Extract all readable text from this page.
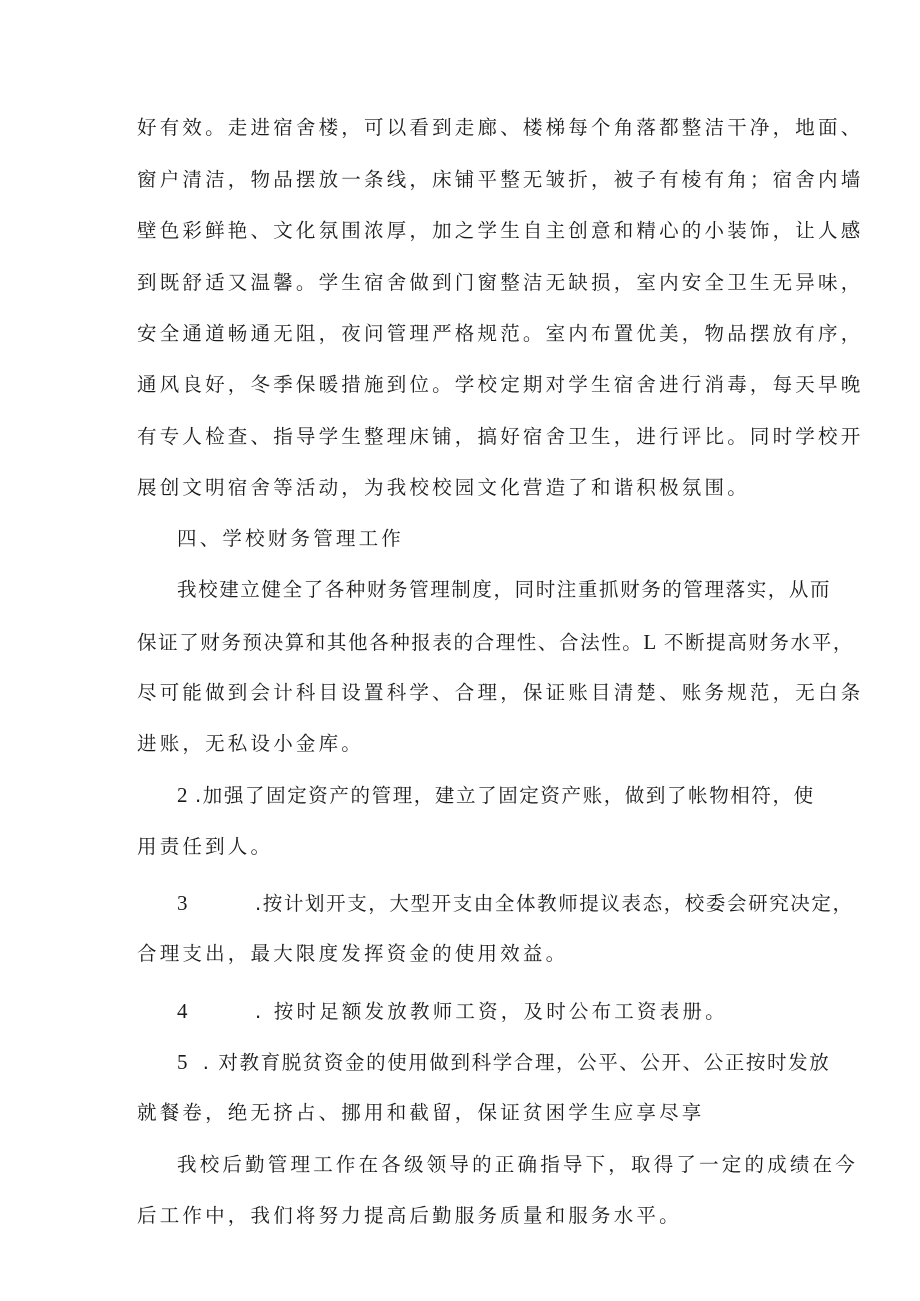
好有效。走进宿舍楼，可以看到走廊、楼梯每个角落都整洁干净，地面、
窗户清洁，物品摆放一条线，床铺平整无皱折，被子有棱有角；宿舍内墙
壁色彩鲜艳、文化氛围浓厚，加之学生自主创意和精心的小装饰，让人感
到既舒适又温馨。学生宿舍做到门窗整洁无缺损，室内安全卫生无异味，
安全通道畅通无阻，夜问管理严格规范。室内布置优美，物品摆放有序，
通风良好，冬季保暖措施到位。学校定期对学生宿舍进行消毒，每天早晚
有专人检查、指导学生整理床铺，搞好宿舍卫生，进行评比。同时学校开
展创文明宿舍等活动，为我校校园文化营造了和谐积极氛围。
四、学校财务管理工作
我校建立健全了各种财务管理制度，同时注重抓财务的管理落实，从而
保证了财务预决算和其他各种报表的合理性、合法性。L 不断提高财务水平，
尽可能做到会计科目设置科学、合理，保证账目清楚、账务规范，无白条
进账，无私设小金库。
2 .加强了固定资产的管理，建立了固定资产账，做到了帐物相符，使
用责任到人。
3	.按计划开支，大型开支由全体教师提议表态，校委会研究决定，
合理支出，最大限度发挥资金的使用效益。
4	. 按时足额发放教师工资，及时公布工资表册。
5 . 对教育脱贫资金的使用做到科学合理，公平、公开、公正按时发放
就餐卷，绝无挤占、挪用和截留，保证贫困学生应享尽享
我校后勤管理工作在各级领导的正确指导下，取得了一定的成绩在今
后工作中，我们将努力提高后勤服务质量和服务水平。
